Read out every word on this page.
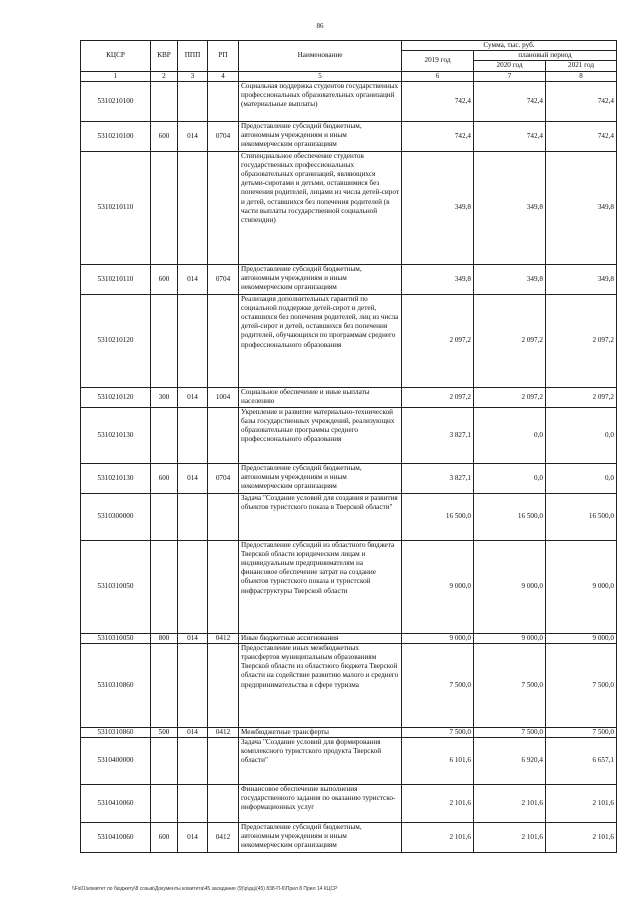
86
КЦСР	КВР	ППП	РП	Наименование	Сумма, тыс. руб.		
					2019 год	плановый период	
						2020 год	2021 год
1	2	3	4	5	6	7	8
5310210100				Социальная поддержка студентов государственных профессиональных образовательных организаций (материальные выплаты)	742,4	742,4	742,4
5310210100	600	014	0704	Предоставление субсидий бюджетным, автономным учреждениям и иным некоммерческим организациям	742,4	742,4	742,4
5310210110				Стипендиальное обеспечение студентов государственных профессиональных образовательных организаций, являющихся детьми-сиротами и детьми, оставшимися без попечения родителей, лицами из числа детей-сирот и детей, оставшихся без попечения родителей (в части выплаты государственной социальной стипендии)	349,8	349,8	349,8
5310210110	600	014	0704	Предоставление субсидий бюджетным, автономным учреждениям и иным некоммерческим организациям	349,8	349,8	349,8
5310210120				Реализация дополнительных гарантий по социальной поддержке детей-сирот и детей, оставшихся без попечения родителей, лиц из числа детей-сирот и детей, оставшихся без попечения родителей, обучающихся по программам среднего профессионального образования	2 097,2	2 097,2	2 097,2
5310210120	300	014	1004	Социальное обеспечение и иные выплаты населению	2 097,2	2 097,2	2 097,2
5310210130				Укрепление и развитие материально-технической базы государственных учреждений, реализующих образовательные программы среднего профессионального образования	3 827,1	0,0	0,0
5310210130	600	014	0704	Предоставление субсидий бюджетным, автономным учреждениям и иным некоммерческим организациям	3 827,1	0,0	0,0
5310300000				Задача "Создание условий для создания и развития объектов туристского показа в Тверской области"	16 500,0	16 500,0	16 500,0
5310310050				Предоставление субсидий из областного бюджета Тверской области юридическим лицам и индивидуальным предпринимателям на финансовое обеспечение затрат на создание объектов туристского показа и туристской инфраструктуры Тверской области	9 000,0	9 000,0	9 000,0
5310310050	800	014	0412	Иные бюджетные ассигнования	9 000,0	9 000,0	9 000,0
5310310860				Предоставление иных межбюджетных трансфертов муниципальным образованиям Тверской области из областного бюджета Тверской области на содействие развитию малого и среднего предпринимательства в сфере туризма	7 500,0	7 500,0	7 500,0
5310310860	500	014	0412	Межбюджетные трансферты	7 500,0	7 500,0	7 500,0
5310400000				Задача "Создание условий для формирования комплексного туристского продукта Тверской области"	6 101,6	6 920,4	6 657,1
5310410060				Финансовое обеспечение выполнения государственного задания по оказанию туристско-информационных услуг	2 101,6	2 101,6	2 101,6
5310410060	600	014	0412	Предоставление субсидий бюджетным, автономным учреждениям и иным некоммерческим организациям	2 101,6	2 101,6	2 101,6
\\Fs01\комитет по бюджету\8 созыв\Документы комитета\45 заседание (9)\р\дц\(45) 838-П-6\Прил 8 Прил 14 КЦСР
